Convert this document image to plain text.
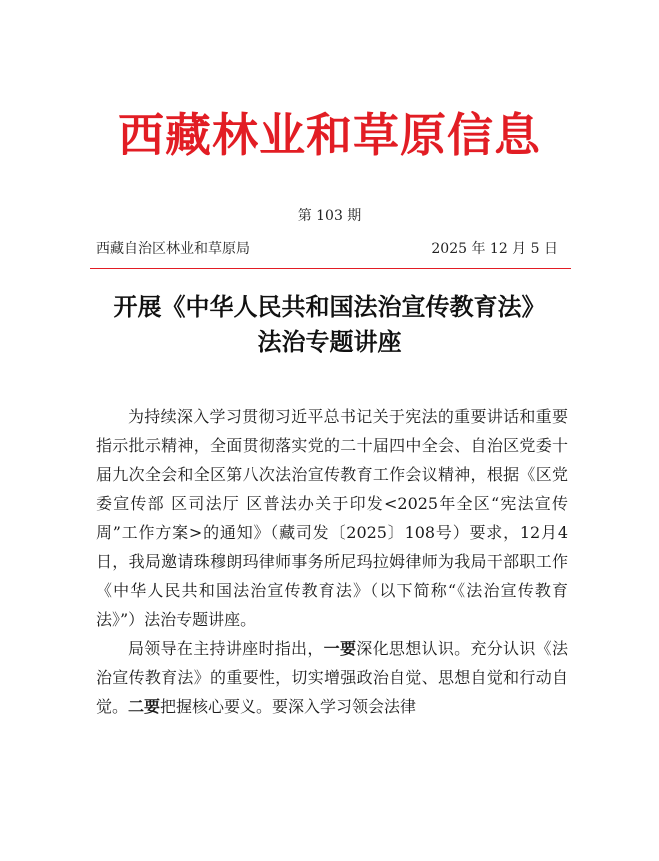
西藏林业和草原信息
第 103 期
西藏自治区林业和草原局	2025 年 12 月 5 日
开展《中华人民共和国法治宣传教育法》
法治专题讲座

为持续深入学习贯彻习近平总书记关于宪法的重要讲话和重要指示批示精神，全面贯彻落实党的二十届四中全会、自治区党委十届九次全会和全区第八次法治宣传教育工作会议精神，根据《区党委宣传部 区司法厅 区普法办关于印发<2025年全区“宪法宣传周”工作方案>的通知》（藏司发〔2025〕108号）要求，12月4日，我局邀请珠穆朗玛律师事务所尼玛拉姆律师为我局干部职工作《中华人民共和国法治宣传教育法》（以下简称“《法治宣传教育法》”）法治专题讲座。

局领导在主持讲座时指出，一要深化思想认识。充分认识《法治宣传教育法》的重要性，切实增强政治自觉、思想自觉和行动自觉。二要把握核心要义。要深入学习领会法律
